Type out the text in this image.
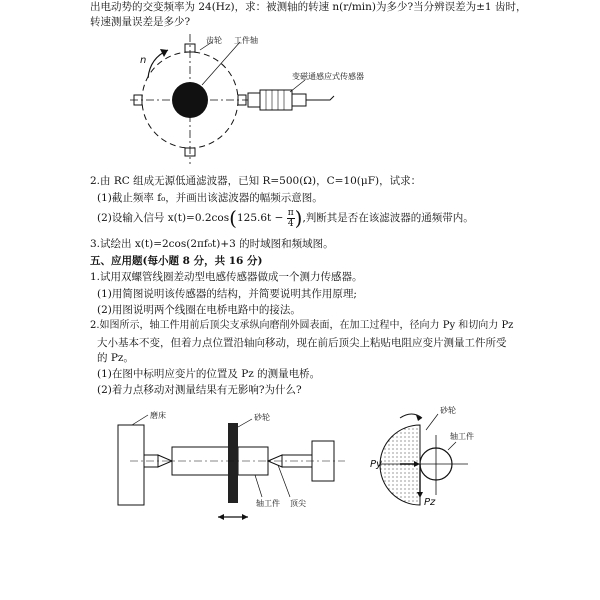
出电动势的交变频率为 24(Hz)，求：被测轴的转速 n(r/min)为多少?当分辨误差为±1 齿时，
转速测量误差是多少?
n
齿轮 工件轴
变磁通感应式传感器
2.由 RC 组成无源低通滤波器，已知 R=500(Ω)，C=10(μF)，试求：
(1)截止频率 f₀，并画出该滤波器的幅频示意图。
(2)设输入信号 $x(t)=0.2\cos(125.6t - \frac{\pi}{4}$ ),判断其是否在该滤波器的通频带内。
3.试绘出 x(t)=2cos(2πf₀t)+3 的时域图和频域图。
五、应用题(每小题 8 分，共 16 分)
1.试用双螺管线圈差动型电感传感器做成一个测力传感器。
(1)用简图说明该传感器的结构，并简要说明其作用原理;
(2)用图说明两个线圈在电桥电路中的接法。
2.如图所示，轴工件用前后顶尖支承纵向磨削外圆表面，在加工过程中，径向力 Py 和切向力 Pz
大小基本不变，但着力点位置沿轴向移动，现在前后顶尖上粘贴电阻应变片测量工件所受
的 Pz。
(1)在图中标明应变片的位置及 Pz 的测量电桥。
(2)着力点移动对测量结果有无影响?为什么?
磨床	砂轮
轴工件 顶尖
砂轮
轴工件
Py
Pz
